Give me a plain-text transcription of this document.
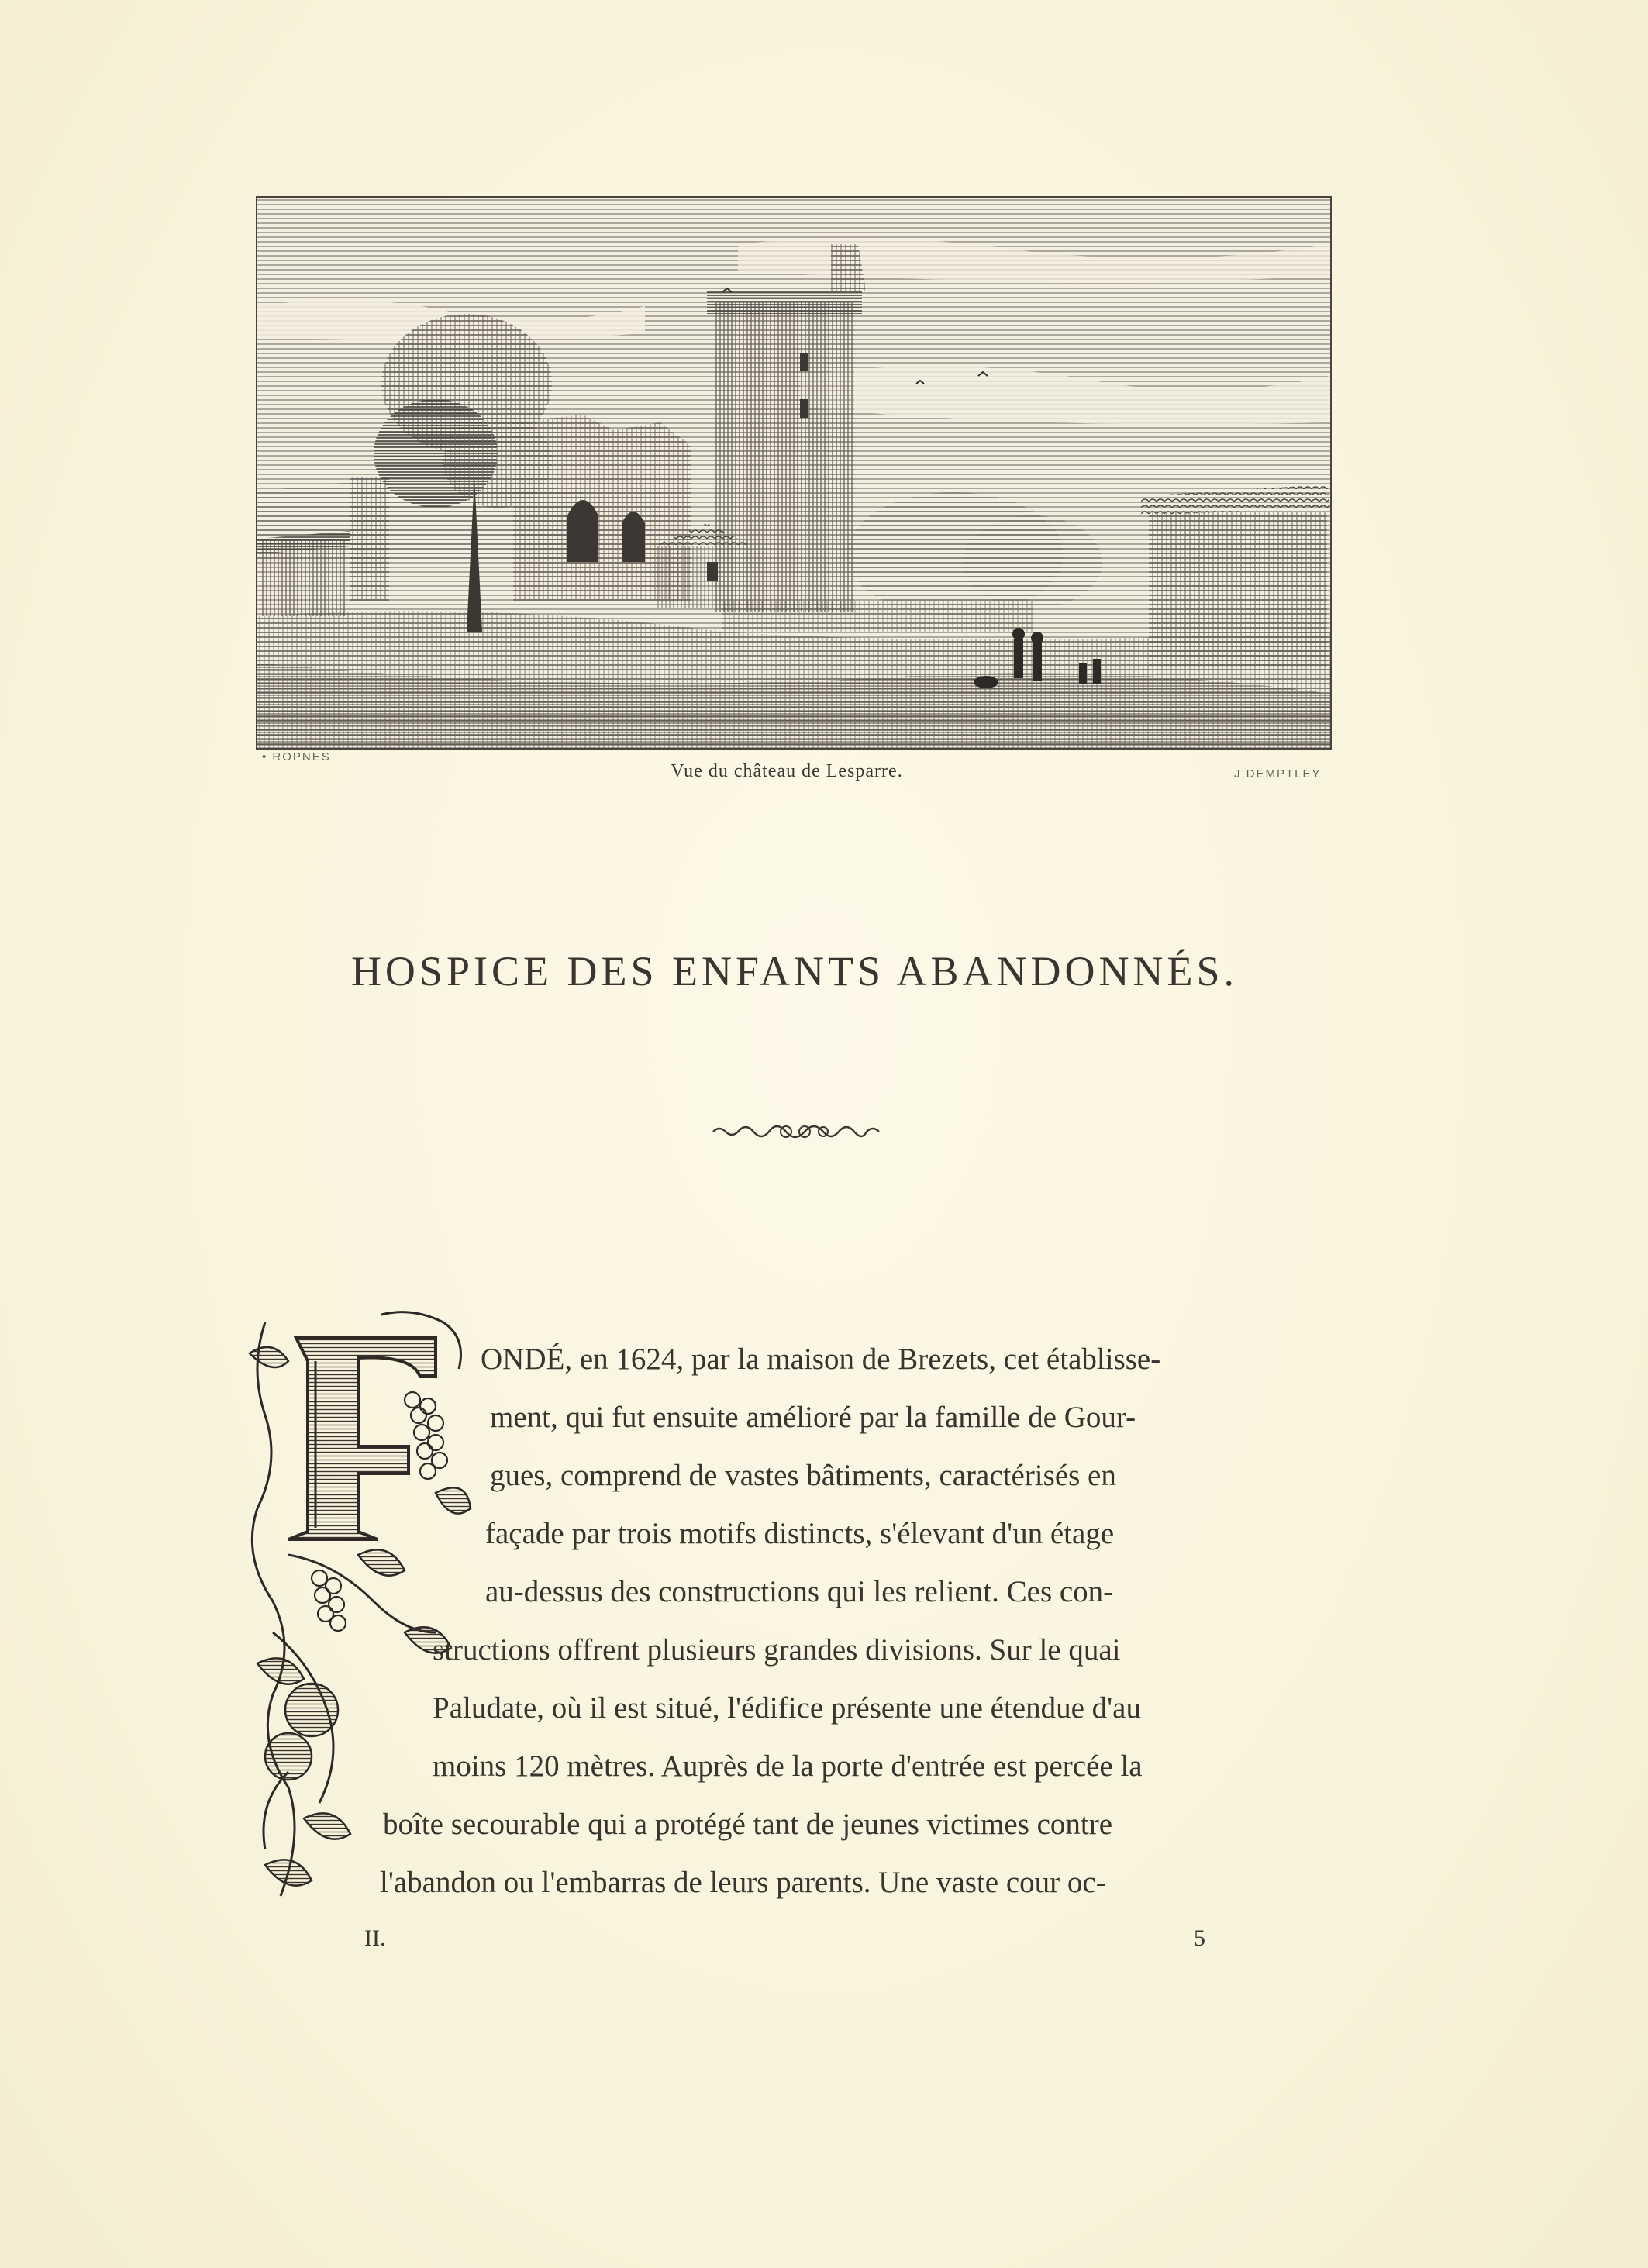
• ROPNES
J.DEMPTLEY
Vue du château de Lesparre.
HOSPICE DES ENFANTS ABANDONNÉS.
ONDÉ, en 1624, par la maison de Brezets, cet établisse-
ment, qui fut ensuite amélioré par la famille de Gour-
gues, comprend de vastes bâtiments, caractérisés en
façade par trois motifs distincts, s'élevant d'un étage
au-dessus des constructions qui les relient. Ces con-
structions offrent plusieurs grandes divisions. Sur le quai
Paludate, où il est situé, l'édifice présente une étendue d'au
moins 120 mètres. Auprès de la porte d'entrée est percée la
boîte secourable qui a protégé tant de jeunes victimes contre
l'abandon ou l'embarras de leurs parents. Une vaste cour oc-
II.	5
